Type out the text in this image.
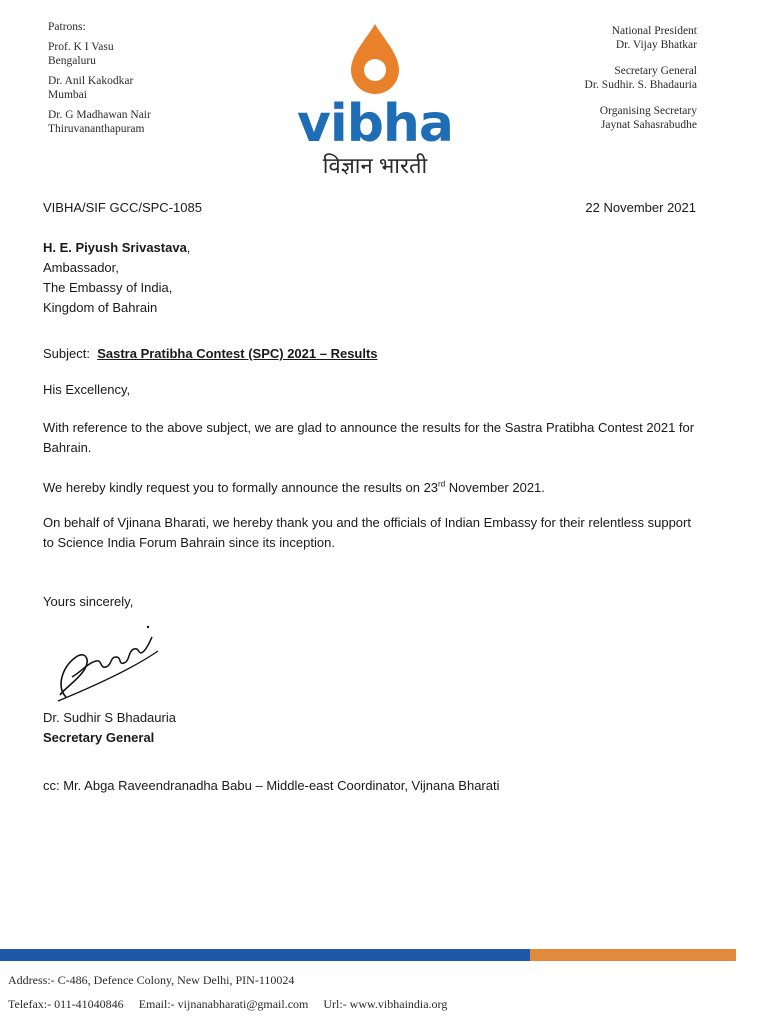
Patrons:
Prof. K I Vasu
Bengaluru
Dr. Anil Kakodkar
Mumbai
Dr. G Madhawan Nair
Thiruvananthapuram	vibha
विज्ञान भारती
National President
Dr. Vijay Bhatkar
Secretary General
Dr. Sudhir. S. Bhadauria
Organising Secretary
Jaynat Sahasrabudhe
VIBHA/SIF GCC/SPC-1085	22 November 2021
H. E. Piyush Srivastava,
Ambassador,
The Embassy of India,
Kingdom of Bahrain
Subject: Sastra Pratibha Contest (SPC) 2021 – Results
His Excellency,
With reference to the above subject, we are glad to announce the results for the Sastra Pratibha Contest 2021 for Bahrain.
We hereby kindly request you to formally announce the results on 23rd November 2021.
On behalf of Vjinana Bharati, we hereby thank you and the officials of Indian Embassy for their relentless support to Science India Forum Bahrain since its inception.
Yours sincerely,
Dr. Sudhir S Bhadauria
Secretary General
cc: Mr. Abga Raveendranadha Babu – Middle-east Coordinator, Vijnana Bharati
Address:- C-486, Defence Colony, New Delhi, PIN-110024
Telefax:- 011-41040846 Email:- vijnanabharati@gmail.com Url:- www.vibhaindia.org
